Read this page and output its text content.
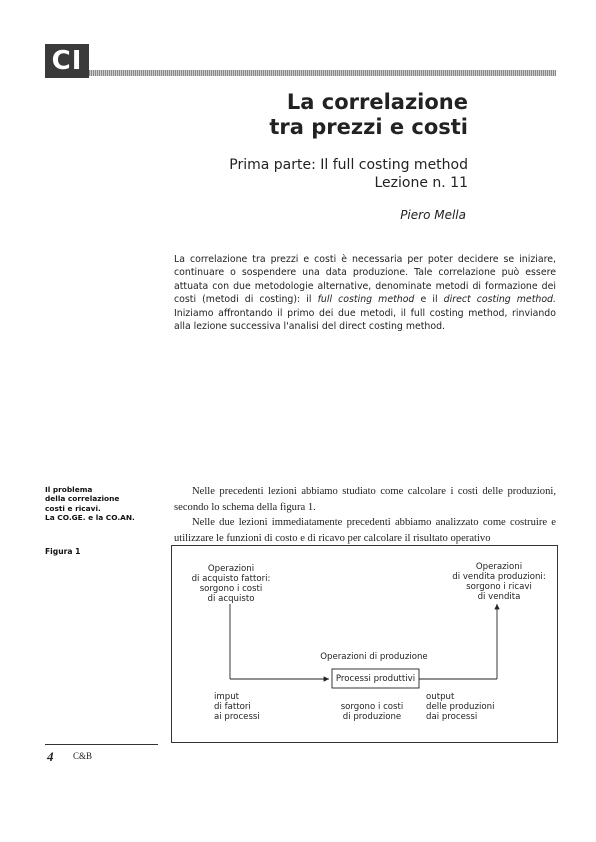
CI
La correlazione
tra prezzi e costi
Prima parte: Il full costing method
Lezione n. 11
Piero Mella
La correlazione tra prezzi e costi è necessaria per poter decidere se iniziare, continuare o sospendere una data produzione. Tale correlazione può essere attuata con due metodologie alternative, denominate metodi di formazione dei costi (metodi di costing): il full costing method e il direct costing method. Iniziamo affrontando il primo dei due metodi, il full costing method, rinviando alla lezione successiva l'analisi del direct costing method.
Il problema
della correlazione
costi e ricavi.
La CO.GE. e la CO.AN.
Figura 1

Nelle precedenti lezioni abbiamo studiato come calcolare i costi delle produzioni, secondo lo schema della figura 1.

Nelle due lezioni immediatamente precedenti abbiamo analizzato come costruire e utilizzare le funzioni di costo e di ricavo per calcolare il risultato operativo

Operazioni
di acquisto fattori:
sorgono i costi
di acquisto
Operazioni
di vendita produzioni:
sorgono i ricavi
di vendita
Operazioni di produzione
Processi produttivi
imput
di fattori
ai processi
sorgono i costi
di produzione
output
delle produzioni
dai processi
4 C&B
